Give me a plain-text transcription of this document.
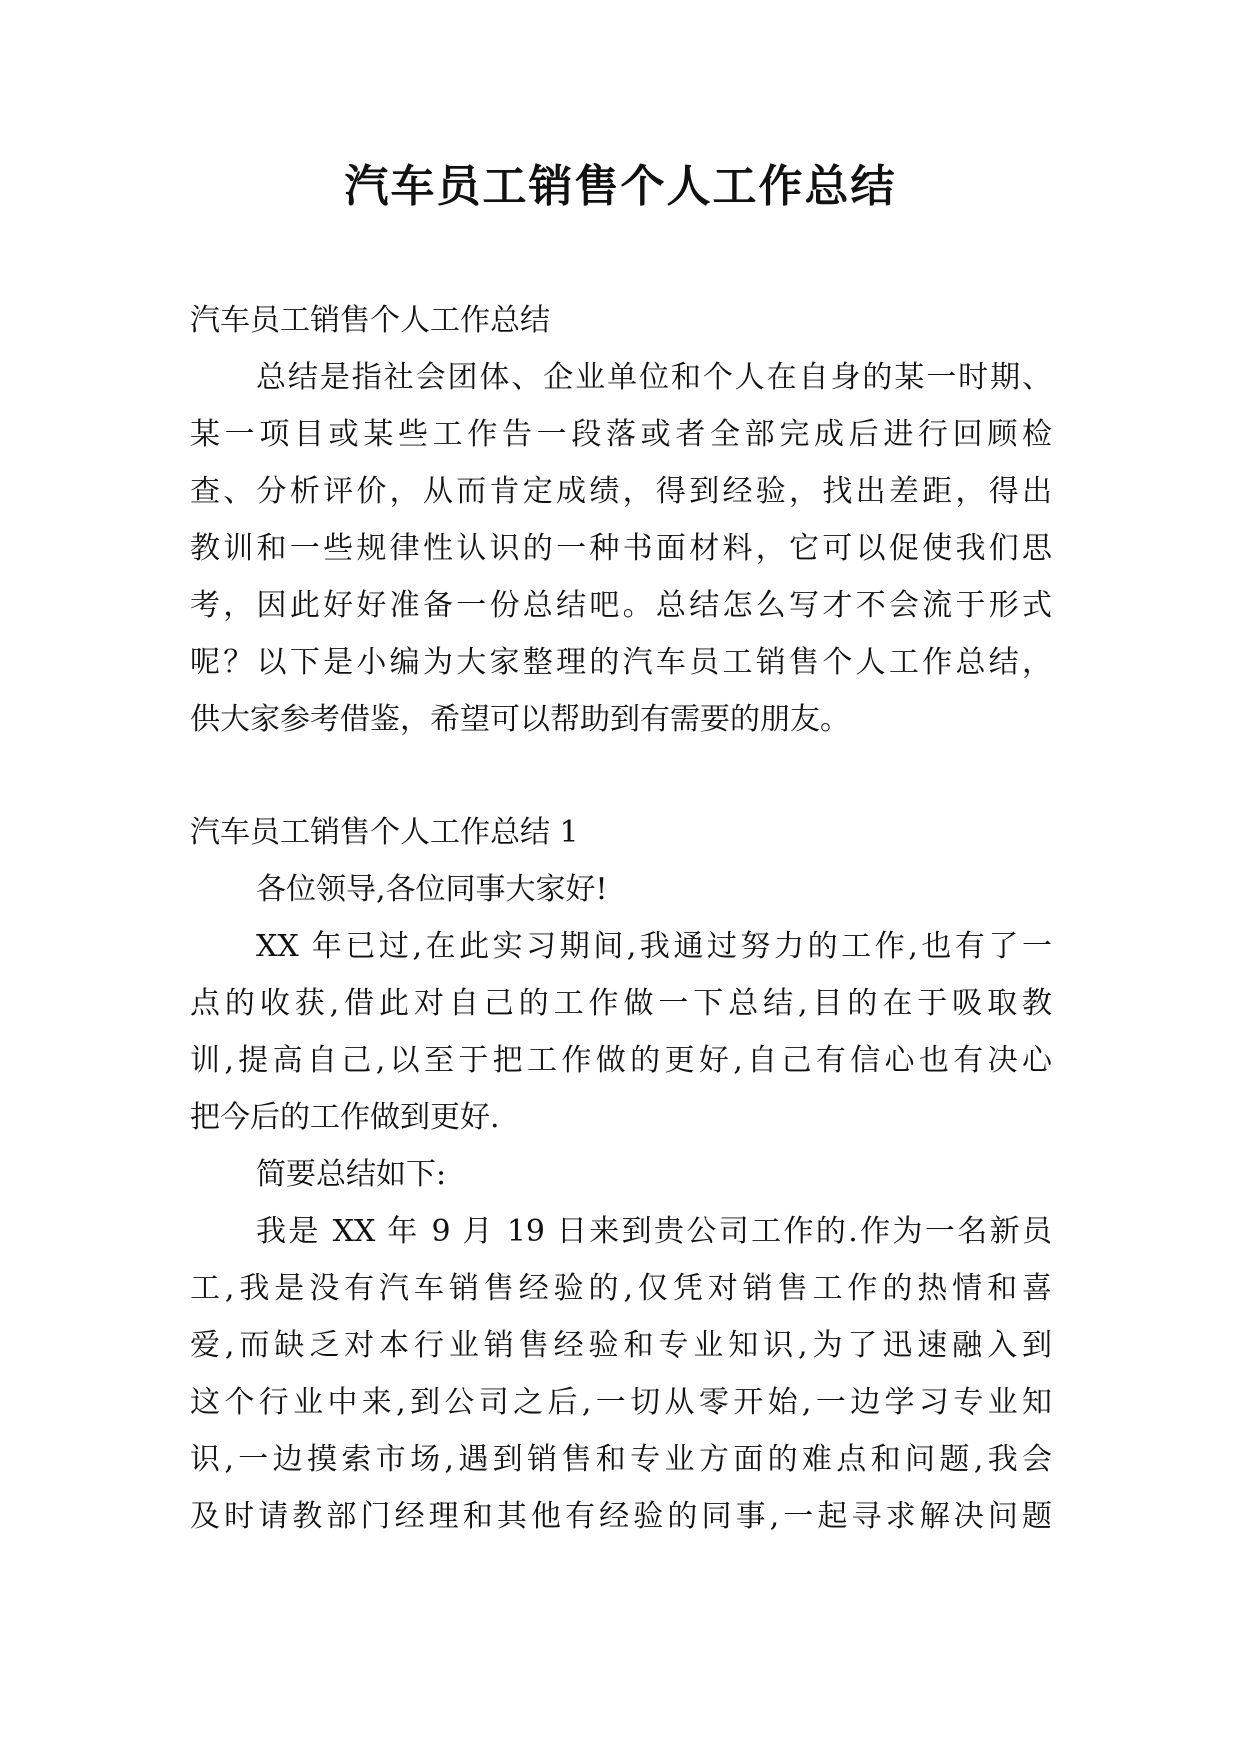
汽车员工销售个人工作总结
汽车员工销售个人工作总结
总结是指社会团体、企业单位和个人在自身的某一时期、
某一项目或某些工作告一段落或者全部完成后进行回顾检
查、分析评价，从而肯定成绩，得到经验，找出差距，得出
教训和一些规律性认识的一种书面材料，它可以促使我们思
考，因此好好准备一份总结吧。总结怎么写才不会流于形式
呢？以下是小编为大家整理的汽车员工销售个人工作总结，
供大家参考借鉴，希望可以帮助到有需要的朋友。
汽车员工销售个人工作总结 1
各位领导,各位同事大家好!
XX 年已过,在此实习期间,我通过努力的工作,也有了一
点的收获,借此对自己的工作做一下总结,目的在于吸取教
训,提高自己,以至于把工作做的更好,自己有信心也有决心
把今后的工作做到更好.
简要总结如下:
我是 XX 年 9 月 19 日来到贵公司工作的.作为一名新员
工,我是没有汽车销售经验的,仅凭对销售工作的热情和喜
爱,而缺乏对本行业销售经验和专业知识,为了迅速融入到
这个行业中来,到公司之后,一切从零开始,一边学习专业知
识,一边摸索市场,遇到销售和专业方面的难点和问题,我会
及时请教部门经理和其他有经验的同事,一起寻求解决问题
